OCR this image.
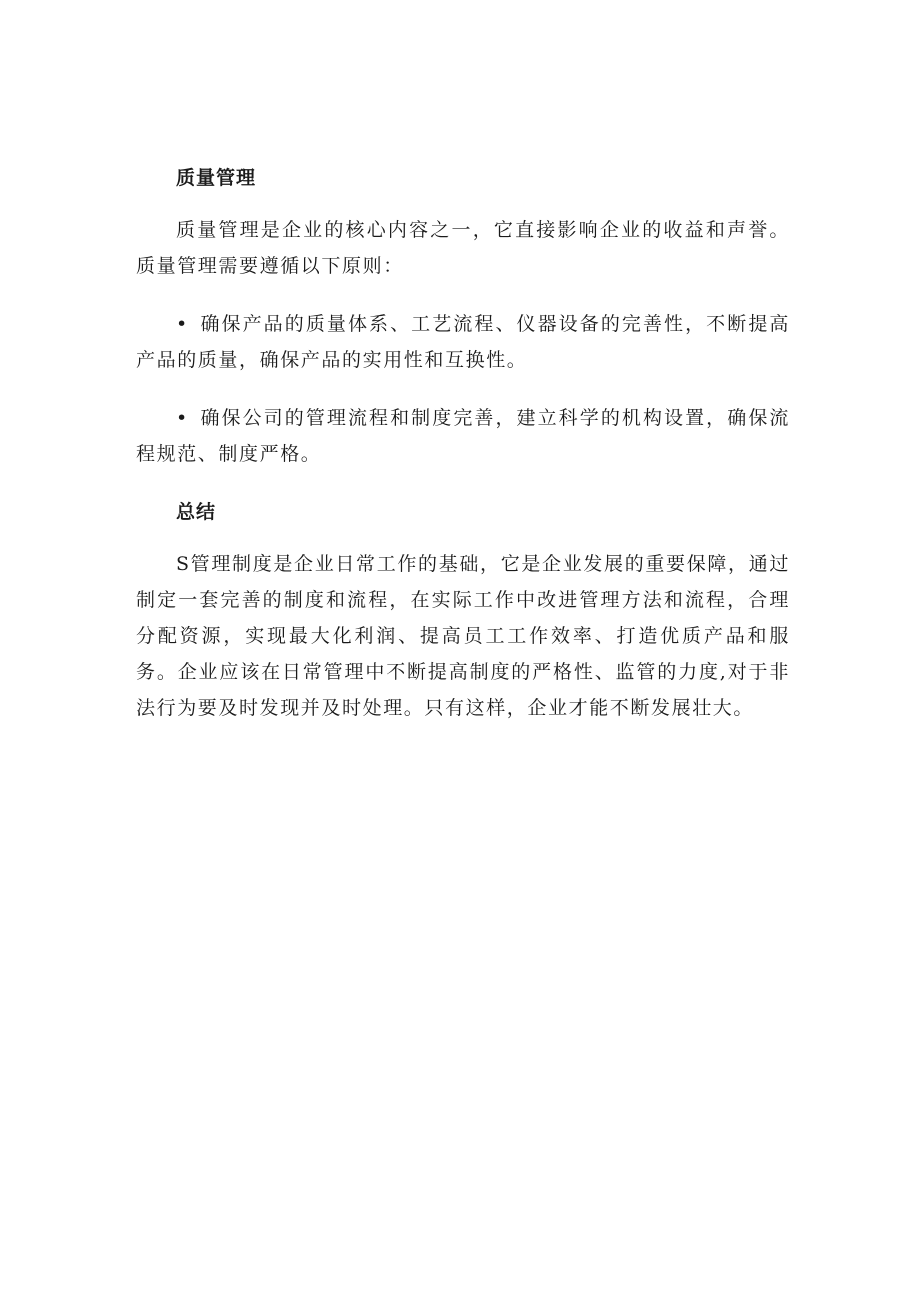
质量管理

质量管理是企业的核心内容之一，它直接影响企业的收益和声誉。质量管理需要遵循以下原则：

• 确保产品的质量体系、工艺流程、仪器设备的完善性，不断提高产品的质量，确保产品的实用性和互换性。

• 确保公司的管理流程和制度完善，建立科学的机构设置，确保流程规范、制度严格。

总结

S管理制度是企业日常工作的基础，它是企业发展的重要保障，通过制定一套完善的制度和流程，在实际工作中改进管理方法和流程，合理分配资源，实现最大化利润、提高员工工作效率、打造优质产品和服务。企业应该在日常管理中不断提高制度的严格性、监管的力度,对于非法行为要及时发现并及时处理。只有这样，企业才能不断发展壮大。
